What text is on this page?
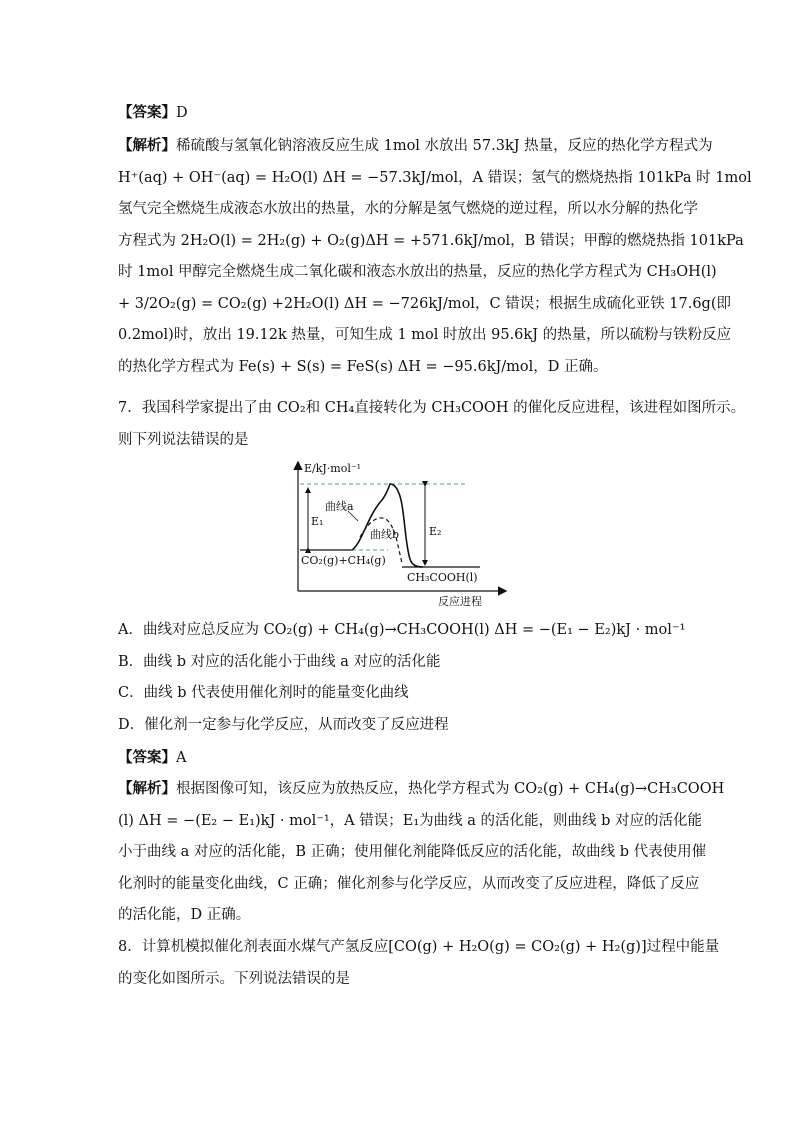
【答案】D

【解析】稀硫酸与氢氧化钠溶液反应生成 1mol 水放出 57.3kJ 热量，反应的热化学方程式为

H⁺(aq) + OH⁻(aq) = H₂O(l) ΔH = −57.3kJ/mol，A 错误；氢气的燃烧热指 101kPa 时 1mol

氢气完全燃烧生成液态水放出的热量，水的分解是氢气燃烧的逆过程，所以水分解的热化学

方程式为 2H₂O(l) = 2H₂(g) + O₂(g)ΔH = +571.6kJ/mol，B 错误；甲醇的燃烧热指 101kPa

时 1mol 甲醇完全燃烧生成二氧化碳和液态水放出的热量，反应的热化学方程式为 CH₃OH(l)

+ 3/2O₂(g) = CO₂(g) +2H₂O(l) ΔH = −726kJ/mol，C 错误；根据生成硫化亚铁 17.6g(即

0.2mol)时，放出 19.12k 热量，可知生成 1 mol 时放出 95.6kJ 的热量，所以硫粉与铁粉反应

的热化学方程式为 Fe(s) + S(s) = FeS(s) ΔH = −95.6kJ/mol，D 正确。

7．我国科学家提出了由 CO₂和 CH₄直接转化为 CH₃COOH 的催化反应进程，该进程如图所示。

则下列说法错误的是

E/kJ·mol⁻¹
曲线a
E₁
曲线b	E₂
CO₂(g)+CH₄(g)
CH₃COOH(l)
反应进程

A．曲线对应总反应为 CO₂(g) + CH₄(g)→CH₃COOH(l) ΔH = −(E₁ − E₂)kJ · mol⁻¹

B．曲线 b 对应的活化能小于曲线 a 对应的活化能

C．曲线 b 代表使用催化剂时的能量变化曲线

D．催化剂一定参与化学反应，从而改变了反应进程

【答案】A

【解析】根据图像可知，该反应为放热反应，热化学方程式为 CO₂(g) + CH₄(g)→CH₃COOH

(l) ΔH = −(E₂ − E₁)kJ · mol⁻¹，A 错误；E₁为曲线 a 的活化能，则曲线 b 对应的活化能

小于曲线 a 对应的活化能，B 正确；使用催化剂能降低反应的活化能，故曲线 b 代表使用催

化剂时的能量变化曲线，C 正确；催化剂参与化学反应，从而改变了反应进程，降低了反应

的活化能，D 正确。

8．计算机模拟催化剂表面水煤气产氢反应[CO(g) + H₂O(g) = CO₂(g) + H₂(g)]过程中能量

的变化如图所示。下列说法错误的是
